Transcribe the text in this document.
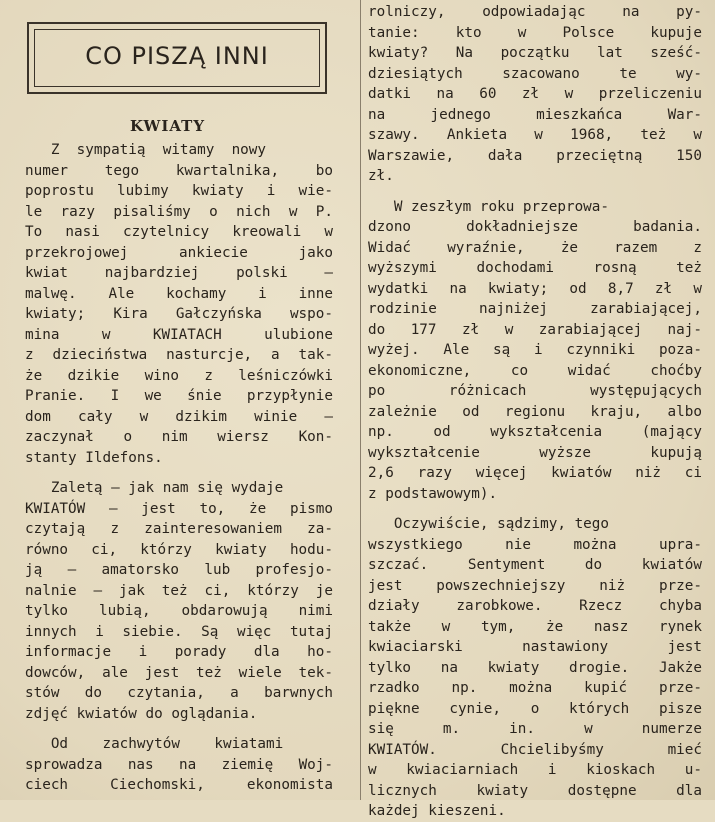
CO PISZĄ INNI
KWIATY
Z  sympatią  witamy  nowy
numer tego kwartalnika, bo
poprostu lubimy kwiaty i wie-
le razy pisaliśmy o nich w P.
To nasi czytelnicy kreowali w
przekrojowej ankiecie jako
kwiat najbardziej polski —
malwę. Ale kochamy i inne
kwiaty; Kira Gałczyńska wspo-
mina w KWIATACH ulubione
z dzieciństwa nasturcje, a tak-
że dzikie wino z leśniczówki
Pranie. I we śnie przypłynie
dom cały w dzikim winie —
zaczynał o nim wiersz Kon-
stanty Ildefons.
Zaletą — jak nam się wydaje
KWIATÓW — jest to, że pismo
czytają z zainteresowaniem za-
równo ci, którzy kwiaty hodu-
ją — amatorsko lub profesjo-
nalnie — jak też ci, którzy je
tylko lubią, obdarowują nimi
innych i siebie. Są więc tutaj
informacje i porady dla ho-
dowców, ale jest też wiele tek-
stów do czytania, a barwnych
zdjęć kwiatów do oglądania.
Od    zachwytów    kwiatami
sprowadza nas na ziemię Woj-
ciech Ciechomski, ekonomista
rolniczy, odpowiadając na py-
tanie: kto w Polsce kupuje
kwiaty? Na początku lat sześć-
dziesiątych szacowano te wy-
datki na 60 zł w przeliczeniu
na jednego mieszkańca War-
szawy. Ankieta w 1968, też w
Warszawie, dała przeciętną 150
zł.
W zeszłym roku przeprowa-
dzono dokładniejsze badania.
Widać wyraźnie, że razem z
wyższymi dochodami rosną też
wydatki na kwiaty; od 8,7 zł w
rodzinie najniżej zarabiającej,
do 177 zł w zarabiającej naj-
wyżej. Ale są i czynniki poza-
ekonomiczne, co widać choćby
po różnicach występujących
zależnie od regionu kraju, albo
np. od wykształcenia (mający
wykształcenie wyższe kupują
2,6 razy więcej kwiatów niż ci
z podstawowym).
Oczywiście, sądzimy, tego
wszystkiego nie można upra-
szczać. Sentyment do kwiatów
jest powszechniejszy niż prze-
działy zarobkowe. Rzecz chyba
także w tym, że nasz rynek
kwiaciarski nastawiony jest
tylko na kwiaty drogie. Jakże
rzadko np. można kupić prze-
piękne cynie, o których pisze
się m. in. w numerze
KWIATÓW. Chcielibyśmy mieć
w kwiaciarniach i kioskach u-
licznych kwiaty dostępne dla
każdej kieszeni.
